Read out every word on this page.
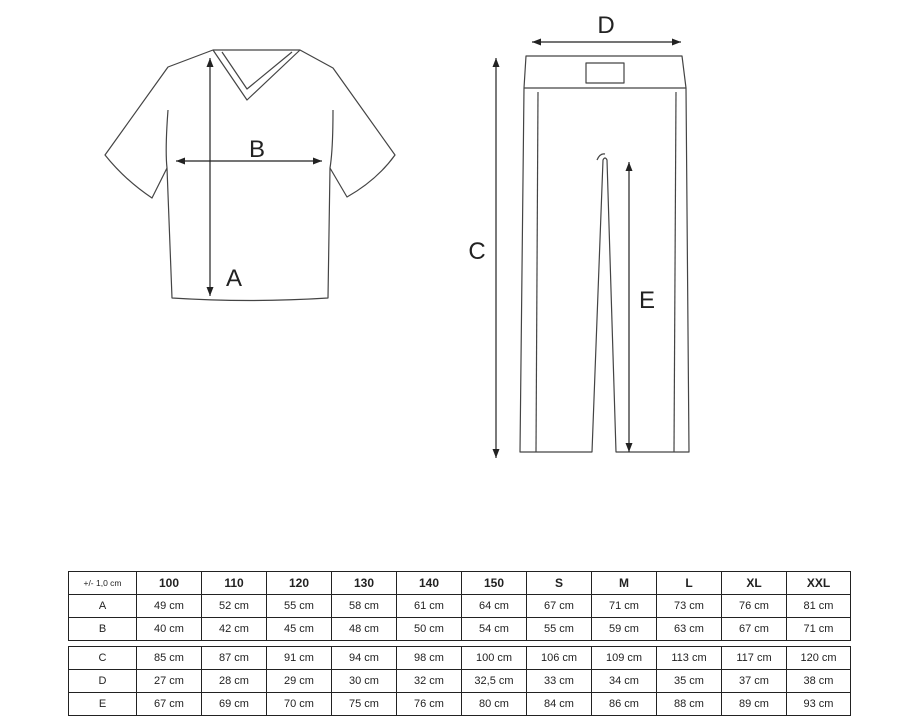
B
A
D
C
E
+/- 1,0 cm	100	110	120	130	140	150	S	M	L	XL	XXL
A	49 cm	52 cm	55 cm	58 cm	61 cm	64 cm	67 cm	71 cm	73 cm	76 cm	81 cm
B	40 cm	42 cm	45 cm	48 cm	50 cm	54 cm	55 cm	59 cm	63 cm	67 cm	71 cm
C	85 cm	87 cm	91 cm	94 cm	98 cm	100 cm	106 cm	109 cm	113 cm	117 cm	120 cm
D	27 cm	28 cm	29 cm	30 cm	32 cm	32,5 cm	33 cm	34 cm	35 cm	37 cm	38 cm
E	67 cm	69 cm	70 cm	75 cm	76 cm	80 cm	84 cm	86 cm	88 cm	89 cm	93 cm
